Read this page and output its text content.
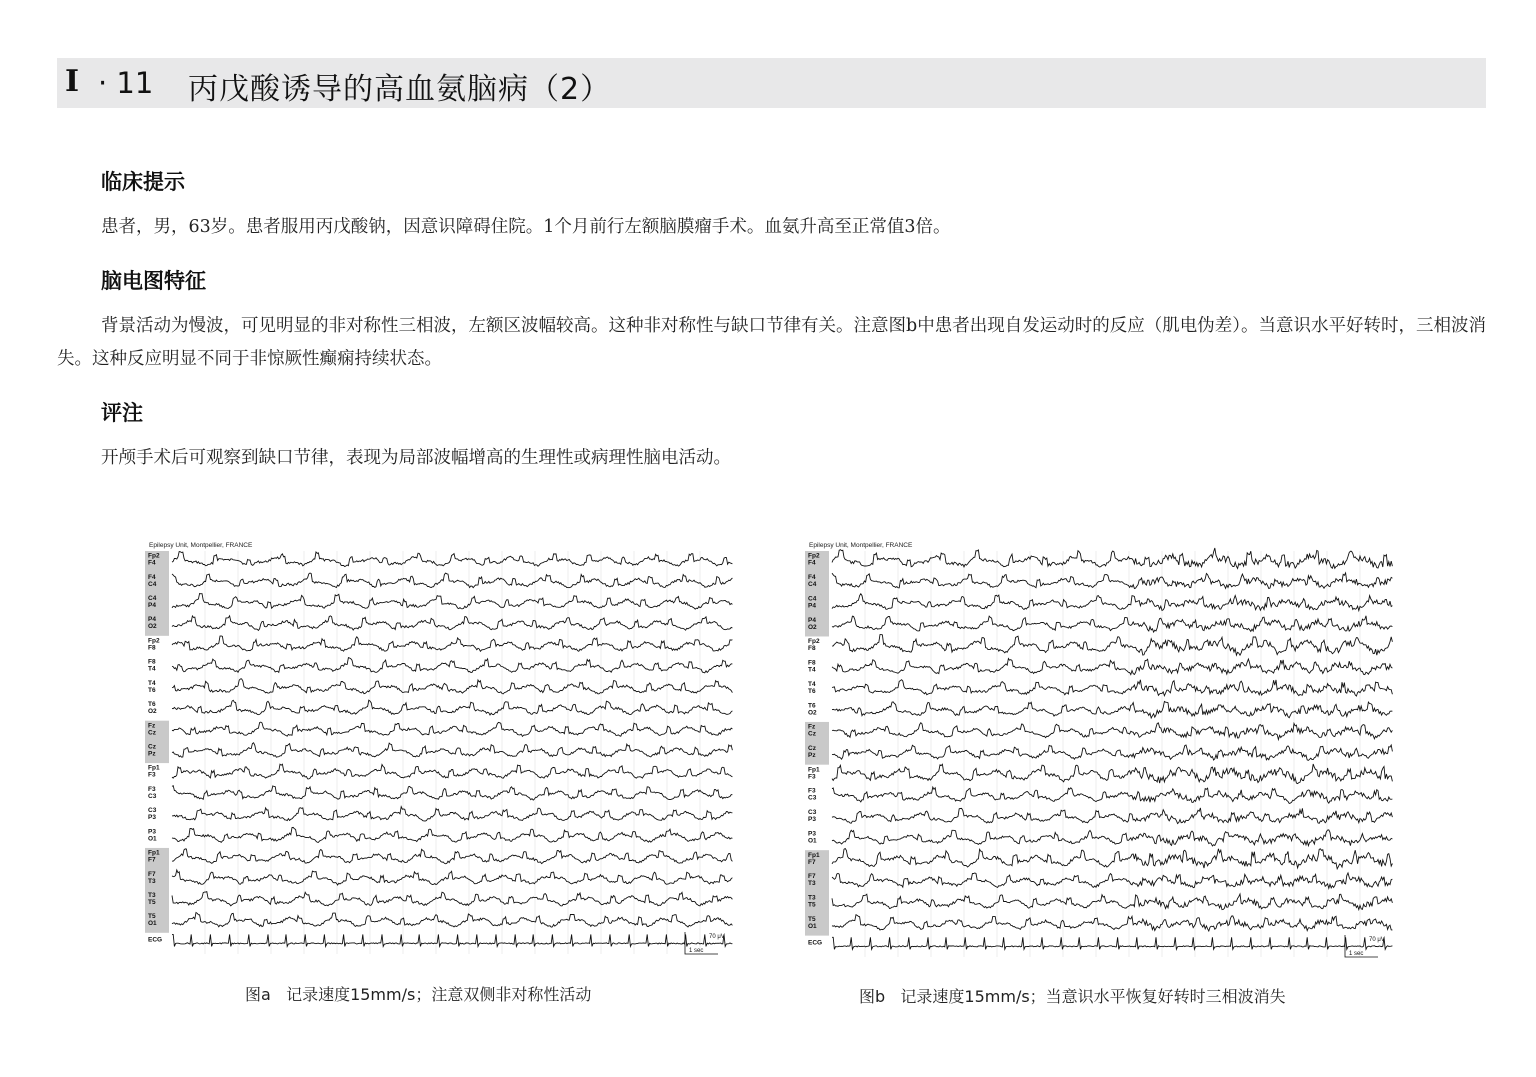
I · 11 丙戊酸诱导的高血氨脑病（2）
临床提示
患者，男，63岁。患者服用丙戊酸钠，因意识障碍住院。1个月前行左额脑膜瘤手术。血氨升高至正常值3倍。
脑电图特征
背景活动为慢波，可见明显的非对称性三相波，左额区波幅较高。这种非对称性与缺口节律有关。注意图b中患者出现自发运动时的反应（肌电伪差）。当意识水平好转时，三相波消失。这种反应明显不同于非惊厥性癫痫持续状态。
评注
开颅手术后可观察到缺口节律，表现为局部波幅增高的生理性或病理性脑电活动。
Epilepsy Unit, Montpellier, FRANCE
Fp2
F4
F4
C4
C4
P4
P4
O2
Fp2
F8
F8
T4
T4
T6
T6
O2
Fz
Cz
Cz
Pz
Fp1
F3
F3
C3
C3
P3
P3
O1
Fp1
F7
F7
T3
T3
T5
T5
O1
ECG	70 μV
1 sec
图a   记录速度15mm/s；注意双侧非对称性活动
Epilepsy Unit, Montpellier, FRANCE
Fp2
F4
F4
C4
C4
P4
P4
O2
Fp2
F8
F8
T4
T4
T6
T6
O2
Fz
Cz
Cz
Pz
Fp1
F3
F3
C3
C3
P3
P3
O1
Fp1
F7
F7
T3
T3
T5
T5
O1
ECG	70 μV
1 sec
图b   记录速度15mm/s；当意识水平恢复好转时三相波消失
